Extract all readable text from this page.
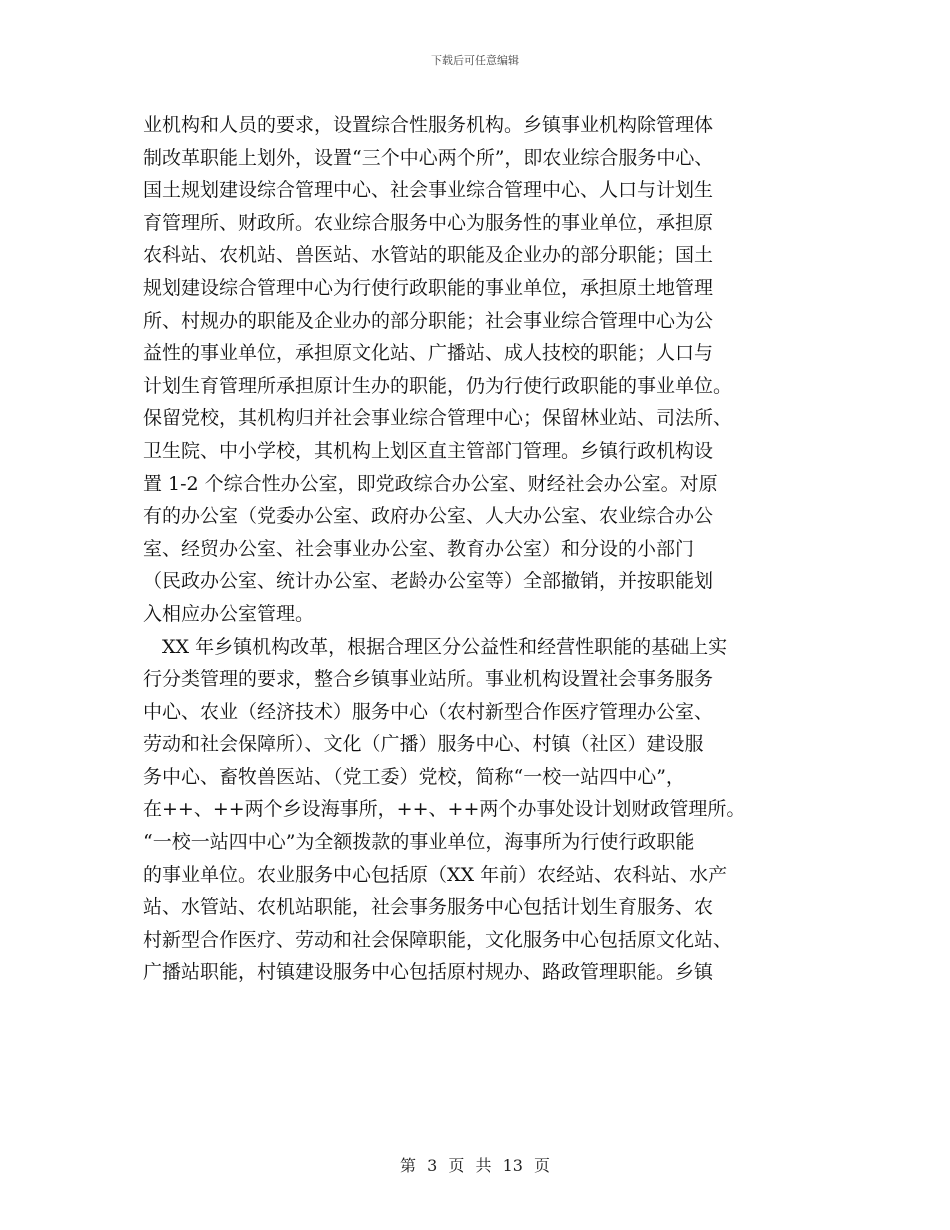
下载后可任意编辑
业机构和人员的要求，设置综合性服务机构。乡镇事业机构除管理体
制改革职能上划外，设置“三个中心两个所”，即农业综合服务中心、
国土规划建设综合管理中心、社会事业综合管理中心、人口与计划生
育管理所、财政所。农业综合服务中心为服务性的事业单位，承担原
农科站、农机站、兽医站、水管站的职能及企业办的部分职能；国土
规划建设综合管理中心为行使行政职能的事业单位，承担原土地管理
所、村规办的职能及企业办的部分职能；社会事业综合管理中心为公
益性的事业单位，承担原文化站、广播站、成人技校的职能；人口与
计划生育管理所承担原计生办的职能，仍为行使行政职能的事业单位。
保留党校，其机构归并社会事业综合管理中心；保留林业站、司法所、
卫生院、中小学校，其机构上划区直主管部门管理。乡镇行政机构设
置 1-2 个综合性办公室，即党政综合办公室、财经社会办公室。对原
有的办公室（党委办公室、政府办公室、人大办公室、农业综合办公
室、经贸办公室、社会事业办公室、教育办公室）和分设的小部门
（民政办公室、统计办公室、老龄办公室等）全部撤销，并按职能划
入相应办公室管理。
　XX 年乡镇机构改革，根据合理区分公益性和经营性职能的基础上实
行分类管理的要求，整合乡镇事业站所。事业机构设置社会事务服务
中心、农业（经济技术）服务中心（农村新型合作医疗管理办公室、
劳动和社会保障所）、文化（广播）服务中心、村镇（社区）建设服
务中心、畜牧兽医站、（党工委）党校，简称“一校一站四中心”，
在++、++两个乡设海事所，++、++两个办事处设计划财政管理所。
“一校一站四中心”为全额拨款的事业单位，海事所为行使行政职能
的事业单位。农业服务中心包括原（XX 年前）农经站、农科站、水产
站、水管站、农机站职能，社会事务服务中心包括计划生育服务、农
村新型合作医疗、劳动和社会保障职能，文化服务中心包括原文化站、
广播站职能，村镇建设服务中心包括原村规办、路政管理职能。乡镇
第 3 页 共 13 页
